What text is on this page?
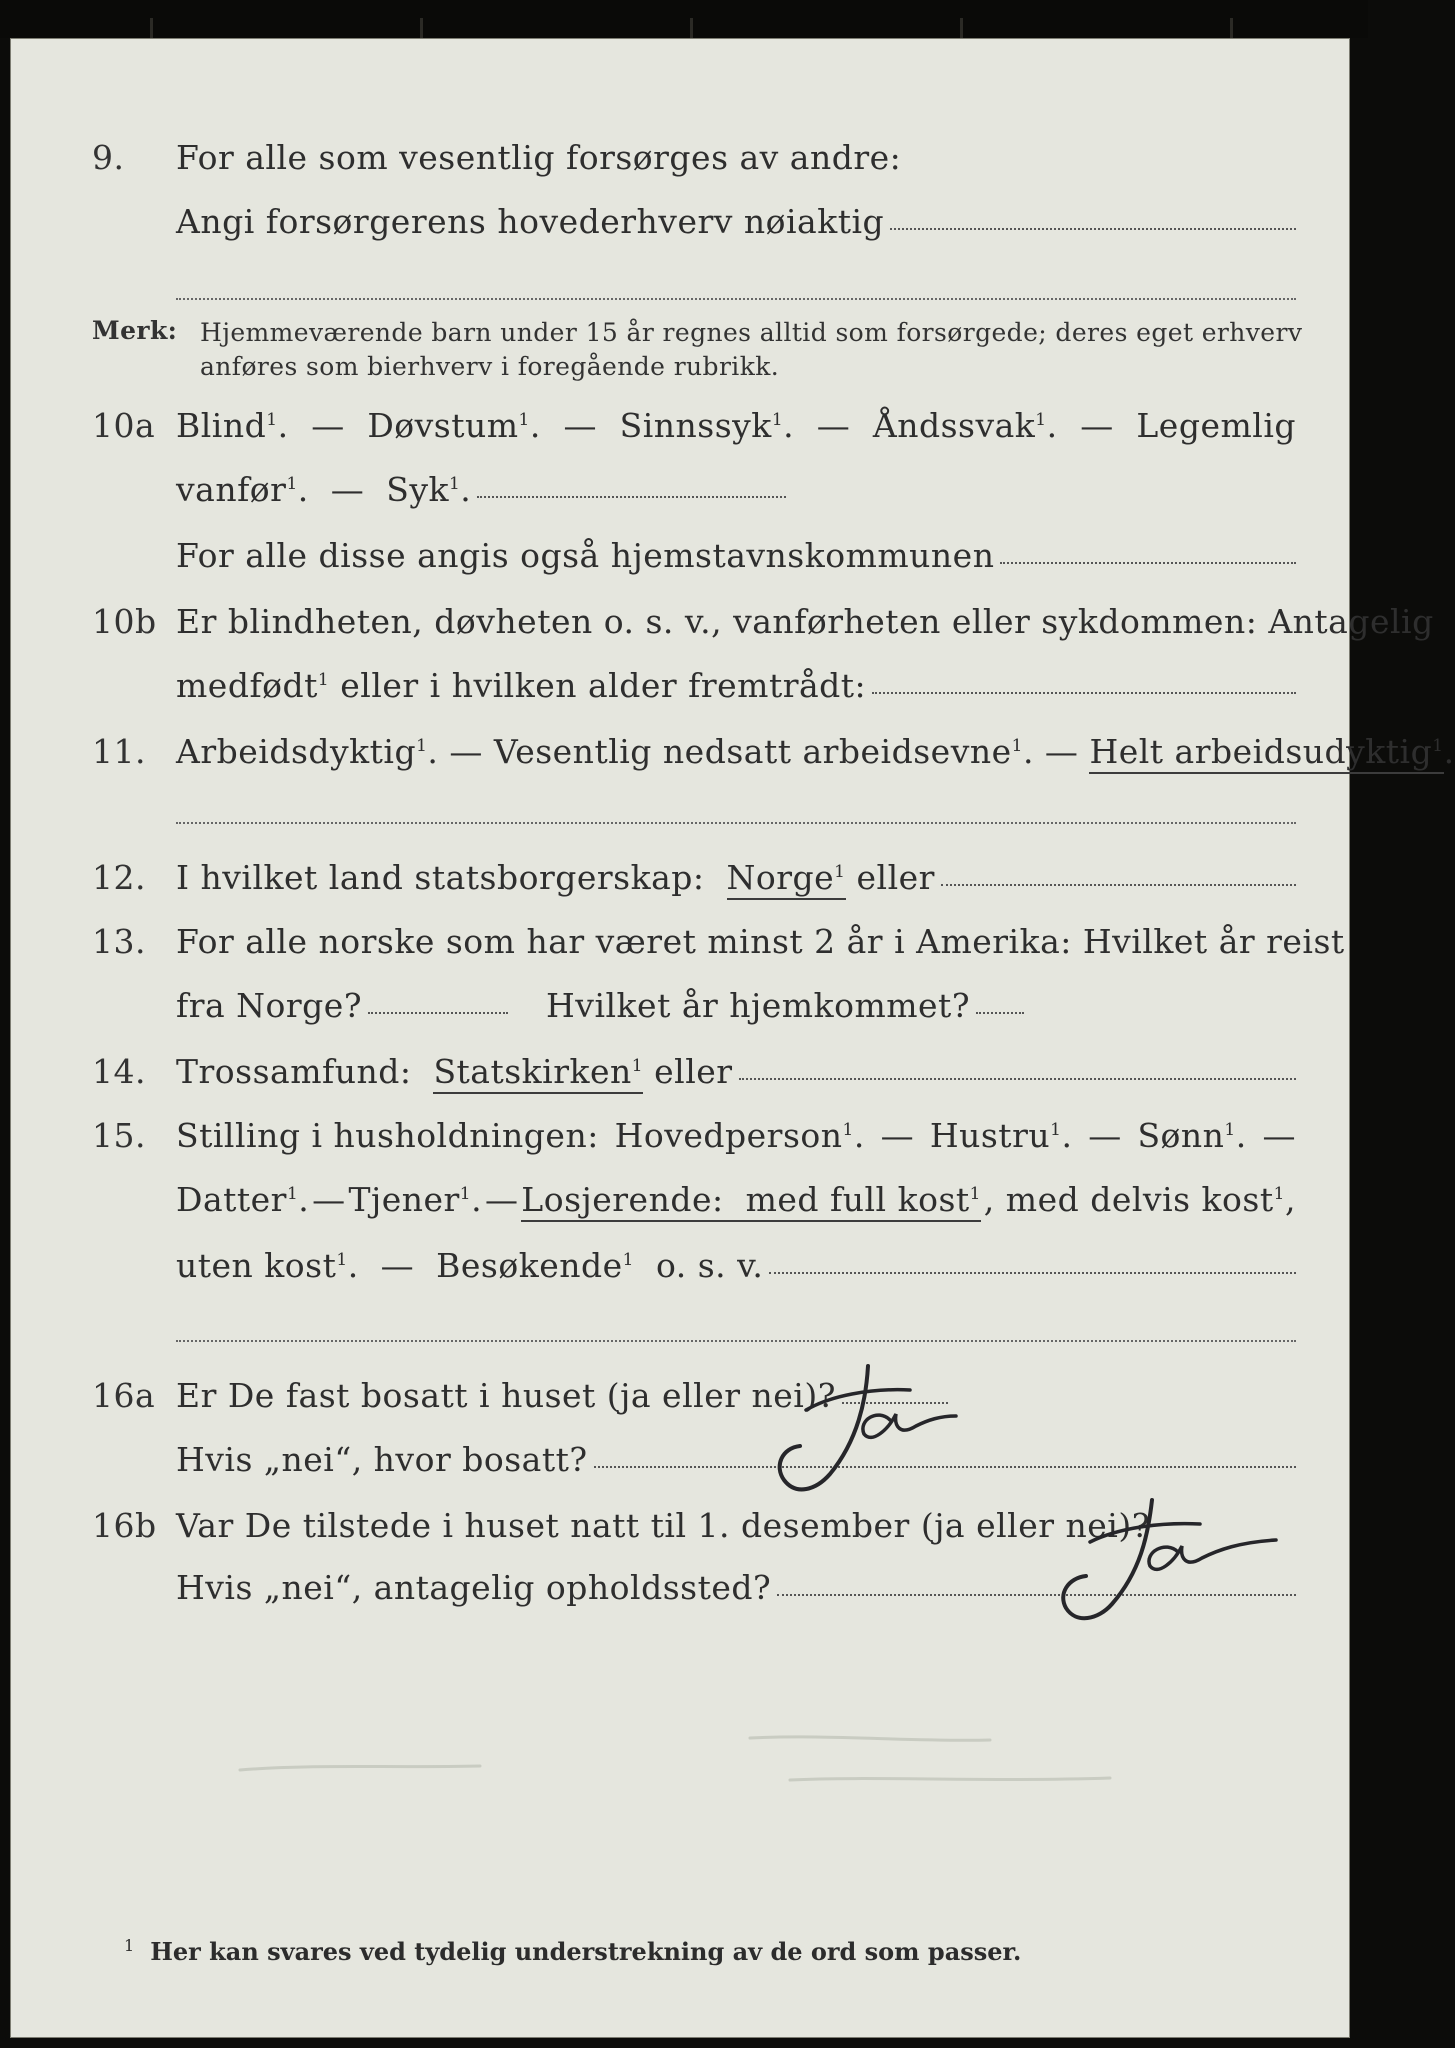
9. For alle som vesentlig forsørges av andre:
Angi forsørgerens hovederhverv nøiaktig
Merk: Hjemmeværende barn under 15 år regnes alltid som forsørgede; deres eget erhverv
anføres som bierhverv i foregående rubrikk.
10a Blind$^1$. — Døvstum$^1$. — Sinnssyk$^1$. — Åndssvak$^1$. — Legemlig
vanfør$^1$.  —  Syk$^1$.
For alle disse angis også hjemstavnskommunen
10b Er blindheten, døvheten o. s. v., vanførheten eller sykdommen: Antagelig
medfødt$^1$ eller i hvilken alder fremtrådt:
11. Arbeidsdyktig$^1$. — Vesentlig nedsatt arbeidsevne$^1$. — Helt arbeidsudyktig$^1$.
12. I hvilket land statsborgerskap: Norge$^1$ eller
13. For alle norske som har været minst 2 år i Amerika: Hvilket år reist
fra Norge?	Hvilket år hjemkommet?
14. Trossamfund: Statskirken$^1$ eller
15. Stilling i husholdningen: Hovedperson$^1$. — Hustru$^1$. — Sønn$^1$. —
Datter$^1$. — Tjener$^1$. — Losjerende: med full kost$^1$ , med delvis kost$^1$,
uten kost$^1$.  —  Besøkende$^1$ o. s. v.
16a Er De fast bosatt i huset (ja eller nei)?
Hvis „nei“, hvor bosatt?
Ja
16b Var De tilstede i huset natt til 1. desember (ja eller nei)?
Hvis „nei“, antagelig opholdssted?
Ja
$^1$ Her kan svares ved tydelig understrekning av de ord som passer.
